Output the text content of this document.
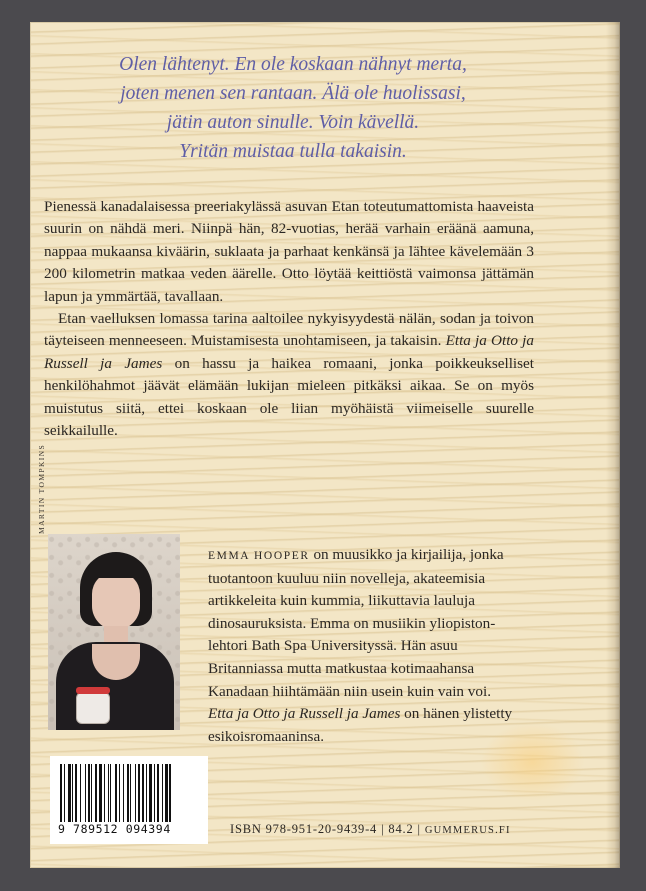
Olen lähtenyt. En ole koskaan nähnyt merta,
joten menen sen rantaan. Älä ole huolissasi,
jätin auton sinulle. Voin kävellä.
Yritän muistaa tulla takaisin.

Pienessä kanadalaisessa preeriakylässä asuvan Etan toteutumattomista haaveista suurin on nähdä meri. Niinpä hän, 82-vuotias, herää varhain eräänä aamuna, nappaa mukaansa kiväärin, suklaata ja parhaat kenkänsä ja lähtee kävelemään 3 200 kilometrin matkaa veden äärelle. Otto löytää keittiöstä vaimonsa jättämän lapun ja ymmärtää, tavallaan.

Etan vaelluksen lomassa tarina aaltoilee nykyisyydestä nälän, sodan ja toivon täyteiseen menneeseen. Muistamisesta unohtamiseen, ja takaisin. Etta ja Otto ja Russell ja James on hassu ja haikea romaani, jonka poikkeukselliset henkilöhahmot jäävät elämään lukijan mieleen pitkäksi aikaa. Se on myös muistutus siitä, ettei koskaan ole liian myöhäistä viimeiselle suurelle seikkailulle.

MARTIN TOMPKINS
EMMA HOOPER on muusikko ja kirjailija, jonka
tuotantoon kuuluu niin novelleja, akateemisia
artikkeleita kuin kummia, liikuttavia lauluja
dinosauruksista. Emma on musiikin yliopiston-
lehtori Bath Spa Universityssä. Hän asuu
Britanniassa mutta matkustaa kotimaahansa
Kanadaan hiihtämään niin usein kuin vain voi.
Etta ja Otto ja Russell ja James on hänen ylistetty
esikoisromaaninsa.
9 789512 094394	ISBN 978-951-20-9439-4 | 84.2 | GUMMERUS.FI
